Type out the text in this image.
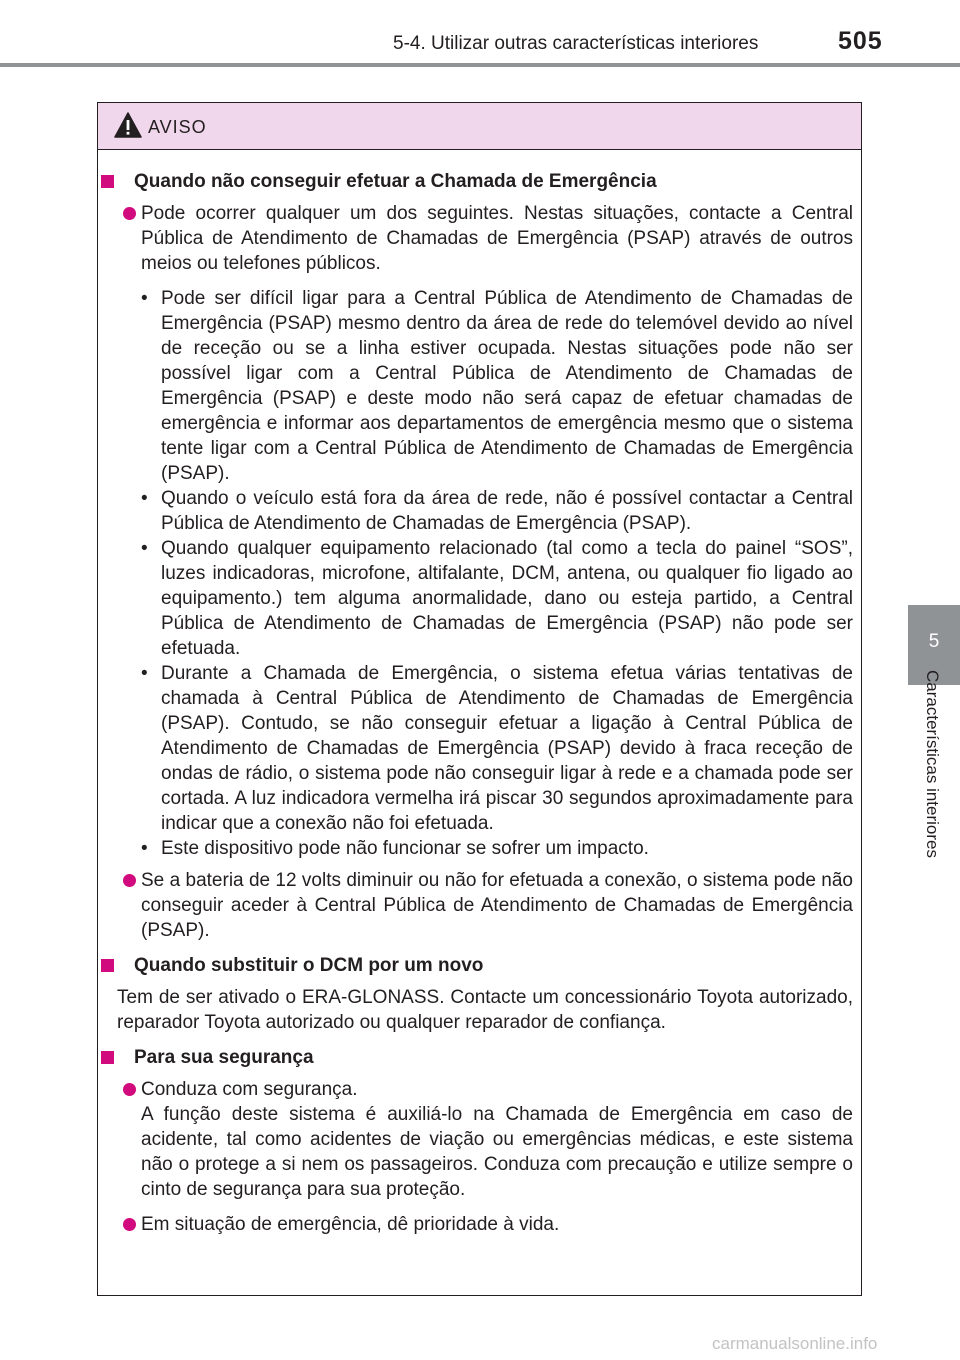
5-4. Utilizar outras características interiores	505
5
Características interiores
AVISO
Quando não conseguir efetuar a Chamada de Emergência
Pode ocorrer qualquer um dos seguintes. Nestas situações, contacte a Central Pública de Atendimento de Chamadas de Emergência (PSAP) através de outros meios ou telefones públicos.
• Pode ser difícil ligar para a Central Pública de Atendimento de Chamadas de Emergência (PSAP) mesmo dentro da área de rede do telemóvel devido ao nível de receção ou se a linha estiver ocupada. Nestas situações pode não ser possível ligar com a Central Pública de Atendimento de Chamadas de Emergência (PSAP) e deste modo não será capaz de efetuar chamadas de emergência e informar aos departamentos de emergência mesmo que o sistema tente ligar com a Central Pública de Atendimento de Chamadas de Emergência (PSAP).
• Quando o veículo está fora da área de rede, não é possível contactar a Central Pública de Atendimento de Chamadas de Emergência (PSAP).
• Quando qualquer equipamento relacionado (tal como a tecla do painel “SOS”, luzes indicadoras, microfone, altifalante, DCM, antena, ou qualquer fio ligado ao equipamento.) tem alguma anormalidade, dano ou esteja partido, a Central Pública de Atendimento de Chamadas de Emergência (PSAP) não pode ser efetuada.
• Durante a Chamada de Emergência, o sistema efetua várias tentativas de chamada à Central Pública de Atendimento de Chamadas de Emergência (PSAP). Contudo, se não conseguir efetuar a ligação à Central Pública de Atendimento de Chamadas de Emergência (PSAP) devido à fraca receção de ondas de rádio, o sistema pode não conseguir ligar à rede e a chamada pode ser cortada. A luz indicadora vermelha irá piscar 30 segundos aproximadamente para indicar que a conexão não foi efetuada.
• Este dispositivo pode não funcionar se sofrer um impacto.
Se a bateria de 12 volts diminuir ou não for efetuada a conexão, o sistema pode não conseguir aceder à Central Pública de Atendimento de Chamadas de Emergência (PSAP).
Quando substituir o DCM por um novo
Tem de ser ativado o ERA-GLONASS. Contacte um concessionário Toyota autorizado, reparador Toyota autorizado ou qualquer reparador de confiança.
Para sua segurança
Conduza com segurança.
A função deste sistema é auxiliá-lo na Chamada de Emergência em caso de acidente, tal como acidentes de viação ou emergências médicas, e este sistema não o protege a si nem os passageiros. Conduza com precaução e utilize sempre o cinto de segurança para sua proteção.
Em situação de emergência, dê prioridade à vida.
carmanualsonline.info
